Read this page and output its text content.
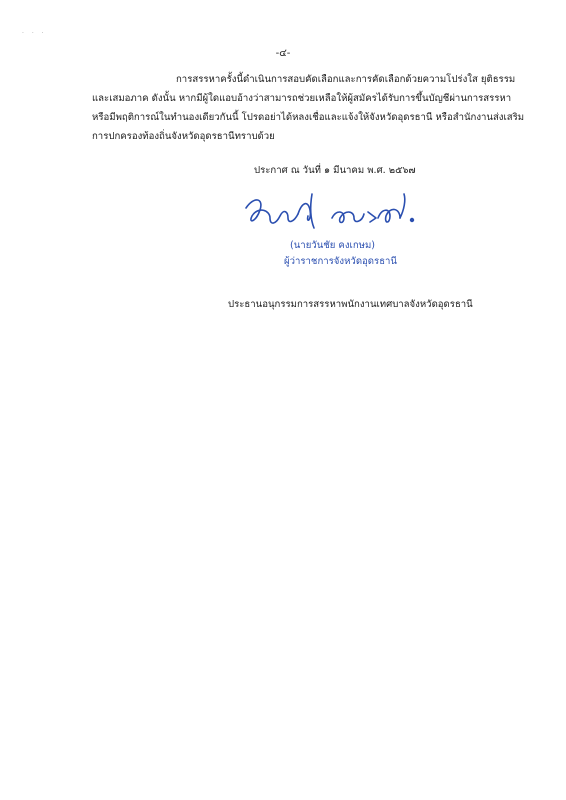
· · ·
-๔-
การสรรหาครั้งนี้ดำเนินการสอบคัดเลือกและการคัดเลือกด้วยความโปร่งใส ยุติธรรม
และเสมอภาค ดังนั้น หากมีผู้ใดแอบอ้างว่าสามารถช่วยเหลือให้ผู้สมัครได้รับการขึ้นบัญชีผ่านการสรรหา
หรือมีพฤติการณ์ในทำนองเดียวกันนี้ โปรดอย่าได้หลงเชื่อและแจ้งให้จังหวัดอุดรธานี หรือสำนักงานส่งเสริม
การปกครองท้องถิ่นจังหวัดอุดรธานีทราบด้วย
ประกาศ ณ วันที่ ๑ มีนาคม พ.ศ. ๒๕๖๗
(นายวันชัย คงเกษม)
ผู้ว่าราชการจังหวัดอุดรธานี
ประธานอนุกรรมการสรรหาพนักงานเทศบาลจังหวัดอุดรธานี
